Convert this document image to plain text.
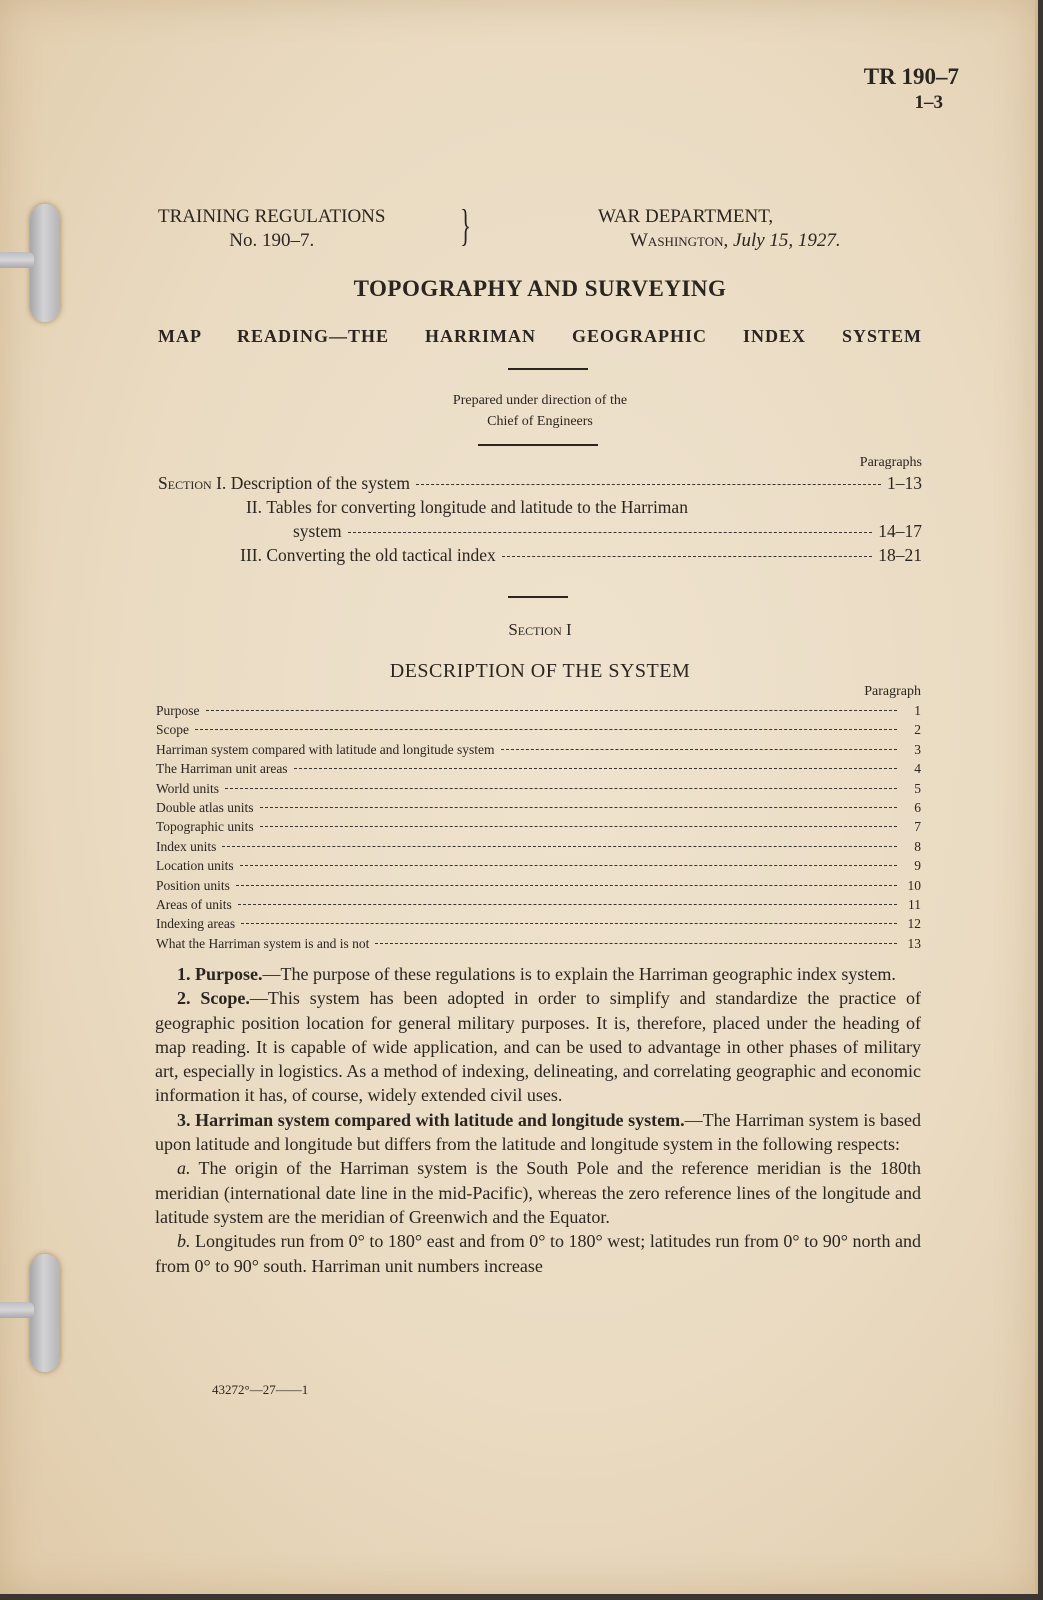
TR 190–7
1–3
TRAINING REGULATIONS
No. 190–7.	}	WAR DEPARTMENT,
Washington, July 15, 1927.
TOPOGRAPHY AND SURVEYING
MAP READING—THE HARRIMAN GEOGRAPHIC INDEX SYSTEM
Prepared under direction of the
Chief of Engineers
Paragraphs
Section I.
Description of the system	1–13
II.
Tables for converting longitude and latitude to the Harriman
system	14–17
III.
Converting the old tactical index	18–21
Section I
DESCRIPTION OF THE SYSTEM
Paragraph
Purpose	1
Scope	2
Harriman system compared with latitude and longitude system	3
The Harriman unit areas	4
World units	5
Double atlas units	6
Topographic units	7
Index units	8
Location units	9
Position units	10
Areas of units	11
Indexing areas	12
What the Harriman system is and is not	13

1. Purpose.—The purpose of these regulations is to explain the Harriman geographic index system.

2. Scope.—This system has been adopted in order to simplify and standardize the practice of geographic position location for general military purposes. It is, therefore, placed under the heading of map reading. It is capable of wide application, and can be used to advantage in other phases of military art, especially in logistics. As a method of indexing, delineating, and correlating geographic and economic information it has, of course, widely extended civil uses.

3. Harriman system compared with latitude and longitude system.—The Harriman system is based upon latitude and longitude but differs from the latitude and longitude system in the following respects:

a. The origin of the Harriman system is the South Pole and the reference meridian is the 180th meridian (international date line in the mid-Pacific), whereas the zero reference lines of the longitude and latitude system are the meridian of Greenwich and the Equator.

b. Longitudes run from 0° to 180° east and from 0° to 180° west; latitudes run from 0° to 90° north and from 0° to 90° south. Harriman unit numbers increase

43272°—27——1
